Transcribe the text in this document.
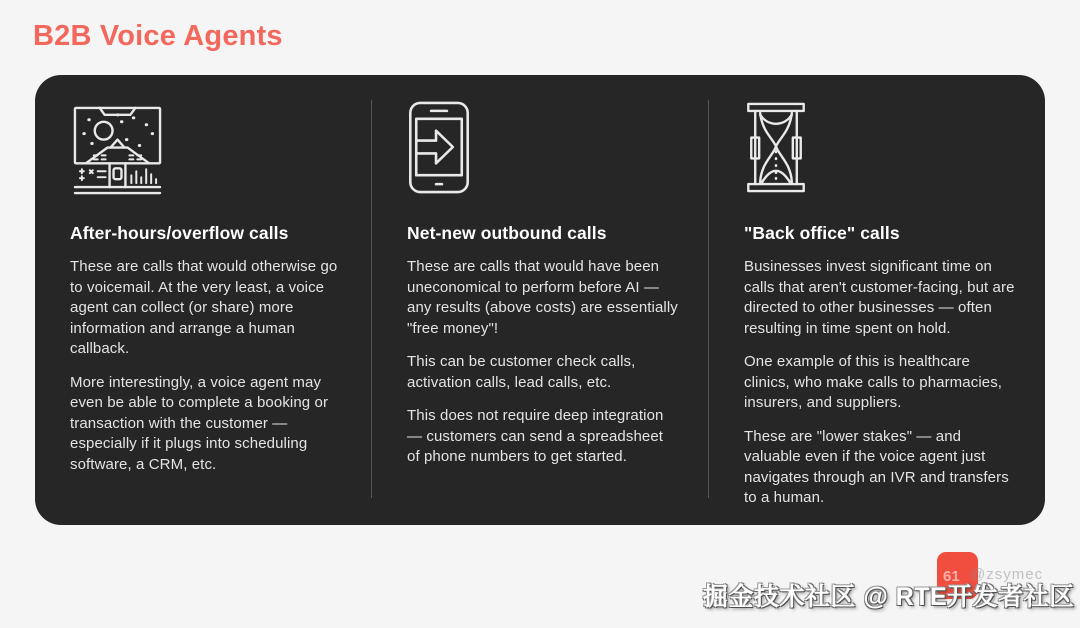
B2B Voice Agents
After-hours/overflow calls

These are calls that would otherwise go to voicemail. At the very least, a voice agent can collect (or share) more information and arrange a human callback.

More interestingly, a voice agent may even be able to complete a booking or transaction with the customer — especially if it plugs into scheduling software, a CRM, etc.

Net-new outbound calls

These are calls that would have been uneconomical to perform before AI — any results (above costs) are essentially "free money"!

This can be customer check calls, activation calls, lead calls, etc.

This does not require deep integration — customers can send a spreadsheet of phone numbers to get started.

"Back office" calls

Businesses invest significant time on calls that aren't customer-facing, but are directed to other businesses — often resulting in time spent on hold.

One example of this is healthcare clinics, who make calls to pharmacies, insurers, and suppliers.

These are "lower stakes" — and valuable even if the voice agent just navigates through an IVR and transfers to a human.

61 @zsymec
掘金技术社区 @ RTE开发者社区
